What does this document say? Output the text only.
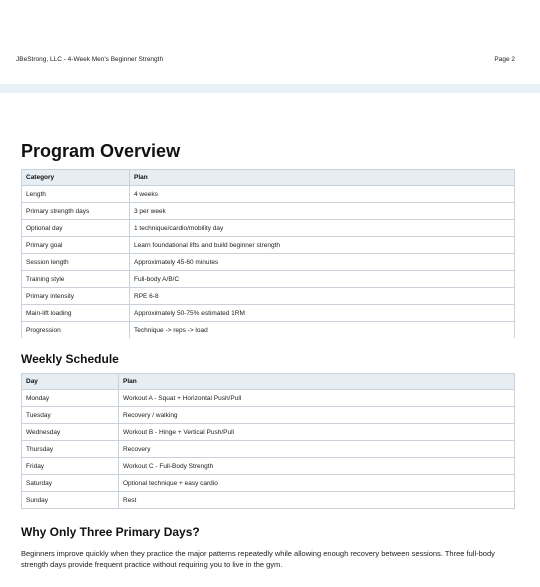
JBeStrong, LLC - 4-Week Men's Beginner Strength	Page 2
Program Overview
Category	Plan
Length	4 weeks
Primary strength days	3 per week
Optional day	1 technique/cardio/mobility day
Primary goal	Learn foundational lifts and build beginner strength
Session length	Approximately 45-60 minutes
Training style	Full-body A/B/C
Primary intensity	RPE 6-8
Main-lift loading	Approximately 50-75% estimated 1RM
Progression	Technique -> reps -> load
Weekly Schedule
Day	Plan
Monday	Workout A - Squat + Horizontal Push/Pull
Tuesday	Recovery / walking
Wednesday	Workout B - Hinge + Vertical Push/Pull
Thursday	Recovery
Friday	Workout C - Full-Body Strength
Saturday	Optional technique + easy cardio
Sunday	Rest
Why Only Three Primary Days?
Beginners improve quickly when they practice the major patterns repeatedly while allowing enough recovery between sessions. Three full-body strength days provide frequent practice without requiring you to live in the gym.
